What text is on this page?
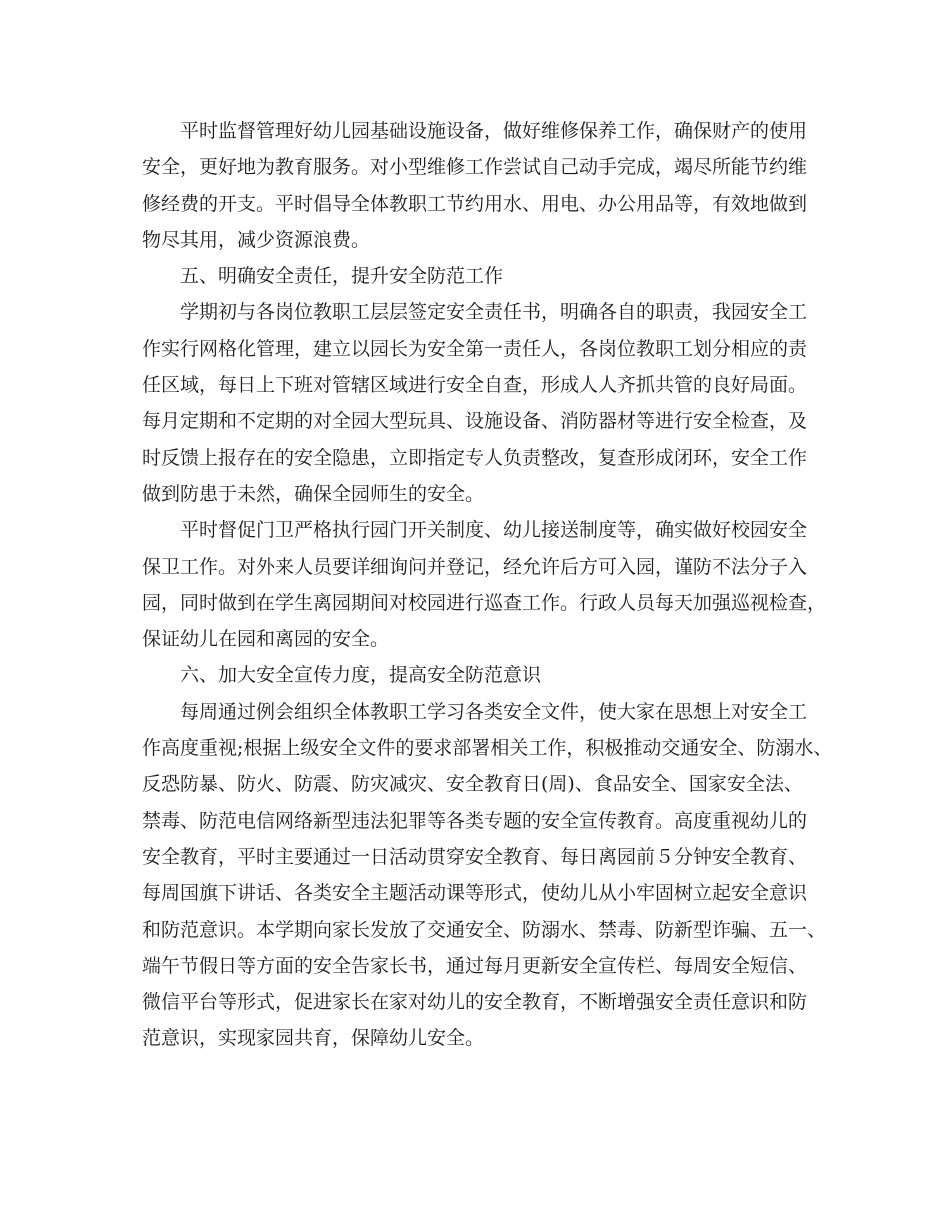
平时监督管理好幼儿园基础设施设备，做好维修保养工作，确保财产的使用
安全，更好地为教育服务。对小型维修工作尝试自己动手完成，竭尽所能节约维
修经费的开支。平时倡导全体教职工节约用水、用电、办公用品等，有效地做到
物尽其用，减少资源浪费。
五、明确安全责任，提升安全防范工作
学期初与各岗位教职工层层签定安全责任书，明确各自的职责，我园安全工
作实行网格化管理，建立以园长为安全第一责任人，各岗位教职工划分相应的责
任区域，每日上下班对管辖区域进行安全自查，形成人人齐抓共管的良好局面。
每月定期和不定期的对全园大型玩具、设施设备、消防器材等进行安全检查，及
时反馈上报存在的安全隐患，立即指定专人负责整改，复查形成闭环，安全工作
做到防患于未然，确保全园师生的安全。
平时督促门卫严格执行园门开关制度、幼儿接送制度等，确实做好校园安全
保卫工作。对外来人员要详细询问并登记，经允许后方可入园，谨防不法分子入
园，同时做到在学生离园期间对校园进行巡查工作。行政人员每天加强巡视检查，
保证幼儿在园和离园的安全。
六、加大安全宣传力度，提高安全防范意识
每周通过例会组织全体教职工学习各类安全文件，使大家在思想上对安全工
作高度重视;根据上级安全文件的要求部署相关工作，积极推动交通安全、防溺水、
反恐防暴、防火、防震、防灾减灾、安全教育日(周)、食品安全、国家安全法、
禁毒、防范电信网络新型违法犯罪等各类专题的安全宣传教育。高度重视幼儿的
安全教育，平时主要通过一日活动贯穿安全教育、每日离园前５分钟安全教育、
每周国旗下讲话、各类安全主题活动课等形式，使幼儿从小牢固树立起安全意识
和防范意识。本学期向家长发放了交通安全、防溺水、禁毒、防新型诈骗、五一、
端午节假日等方面的安全告家长书，通过每月更新安全宣传栏、每周安全短信、
微信平台等形式，促进家长在家对幼儿的安全教育，不断增强安全责任意识和防
范意识，实现家园共育，保障幼儿安全。
